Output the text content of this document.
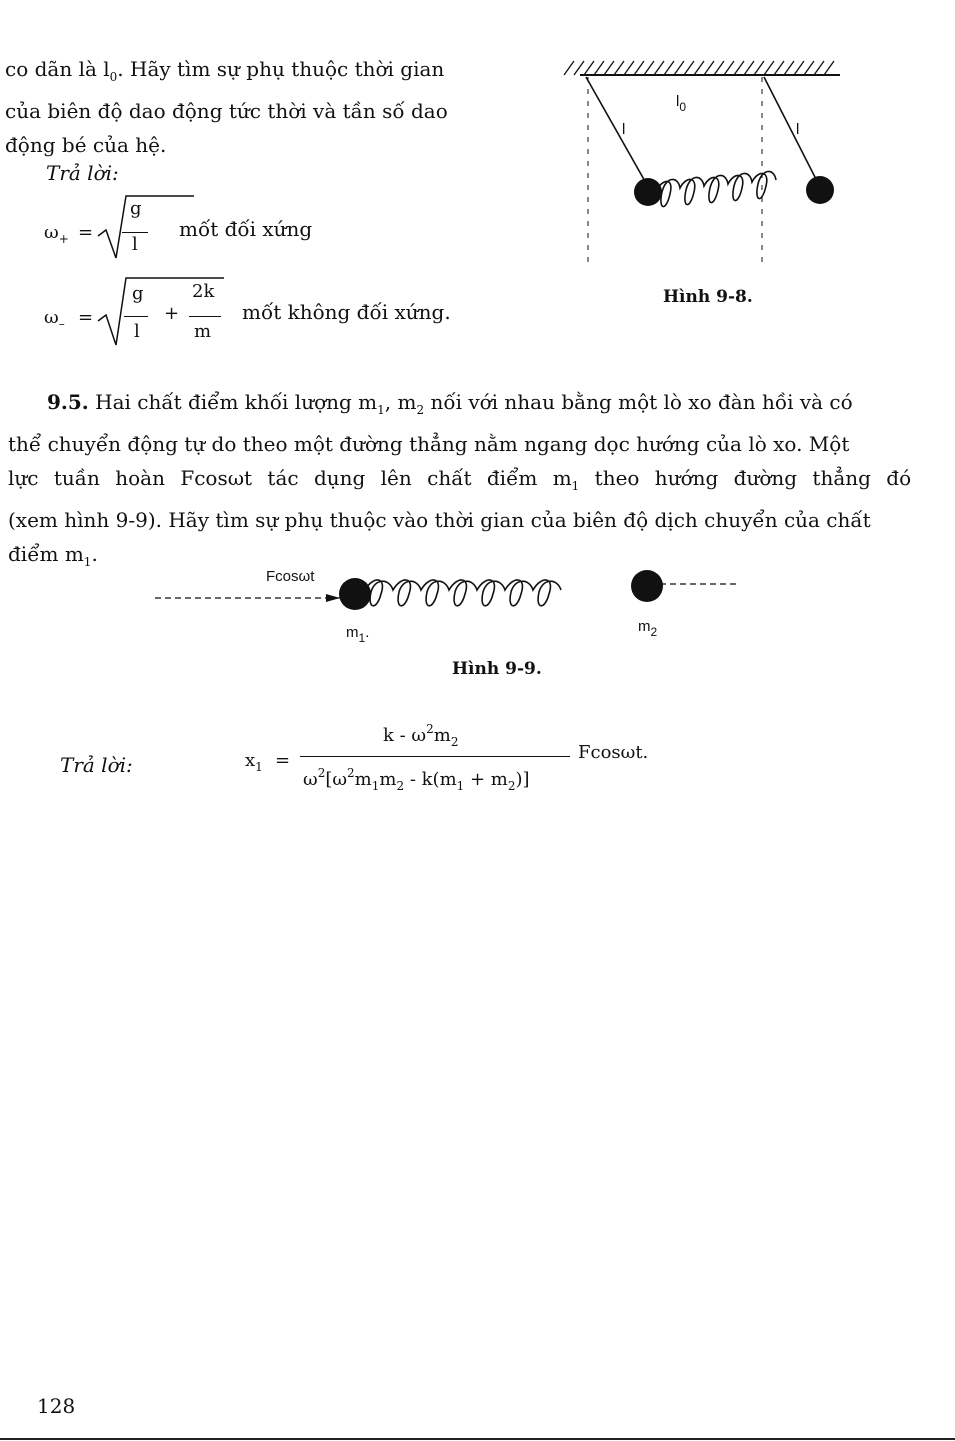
co dãn là $l_0$. Hãy tìm sự phụ thuộc thời gian
của biên độ dao động tức thời và tần số dao
động bé của hệ.
Trả lời:
$\omega_+$ =
g
l
mốt đối xứng
$\omega_-$ =
g
l
+
2k
m
mốt không đối xứng.
$l_0$
l	l
Hình 9-8.
9.5. Hai chất điểm khối lượng $m_1$, $m_2$ nối với nhau bằng một lò xo đàn hồi và có
thể chuyển động tự do theo một đường thẳng nằm ngang dọc hướng của lò xo. Một
lực tuần hoàn Fcosωt tác dụng lên chất điểm $m_1$ theo hướng đường thẳng đó
(xem hình 9-9). Hãy tìm sự phụ thuộc vào thời gian của biên độ dịch chuyển của chất
điểm $m_1$.
Fcosωt
$m_1$.	$m_2$
Hình 9-9.
Trả lời:	$x_1$ =
k - $\omega^2m_2$
$\omega^2[\omega^2m_1m_2 - k(m_1 + m_2)]$
Fcosωt.
128
